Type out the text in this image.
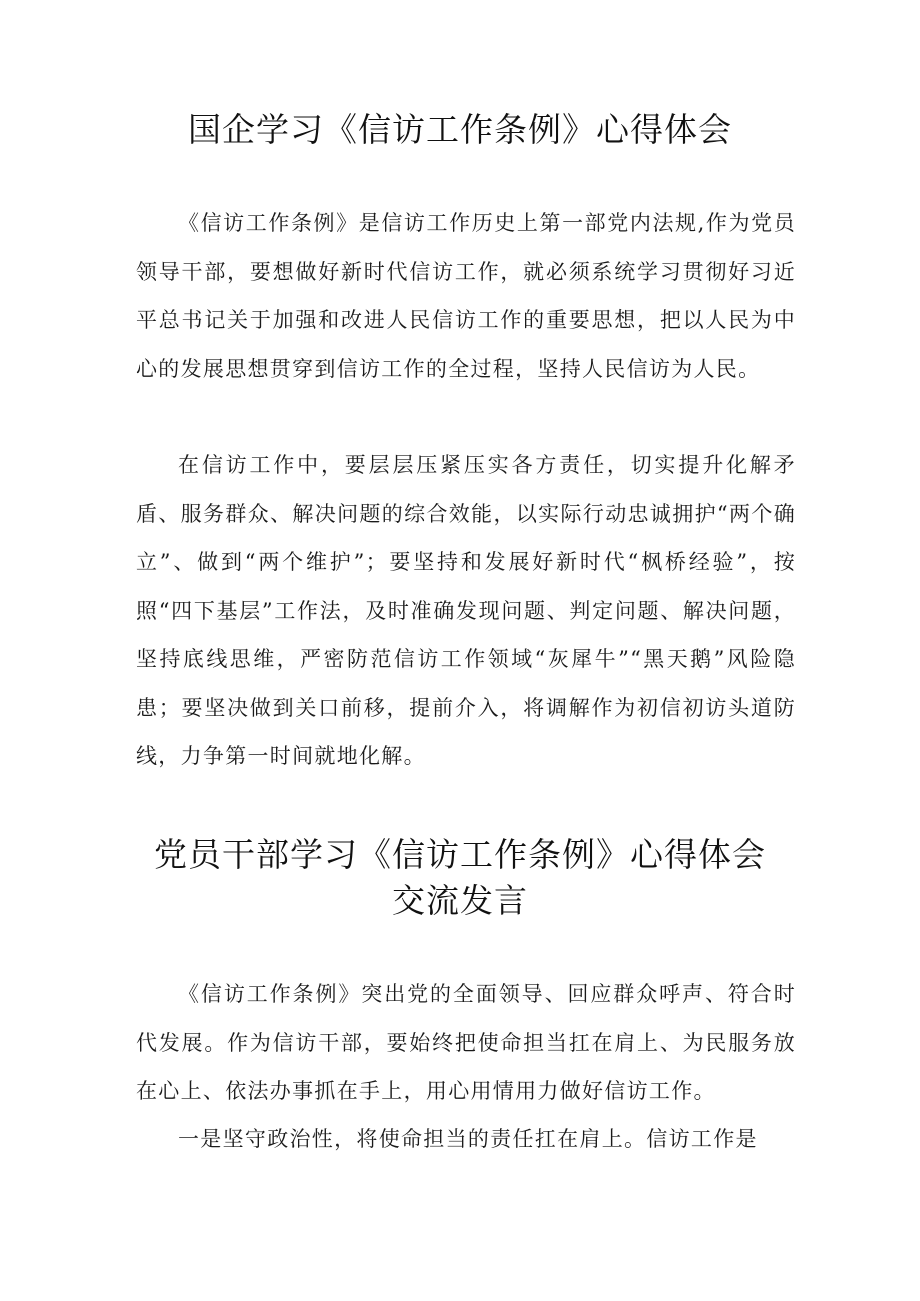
国企学习《信访工作条例》心得体会

《信访工作条例》是信访工作历史上第一部党内法规,作为党员领导干部，要想做好新时代信访工作，就必须系统学习贯彻好习近平总书记关于加强和改进人民信访工作的重要思想，把以人民为中心的发展思想贯穿到信访工作的全过程，坚持人民信访为人民。

在信访工作中，要层层压紧压实各方责任，切实提升化解矛盾、服务群众、解决问题的综合效能，以实际行动忠诚拥护“两个确立”、做到“两个维护”；要坚持和发展好新时代“枫桥经验”，按照“四下基层”工作法，及时准确发现问题、判定问题、解决问题，坚持底线思维，严密防范信访工作领域“灰犀牛”“黑天鹅”风险隐患；要坚决做到关口前移，提前介入，将调解作为初信初访头道防线，力争第一时间就地化解。

党员干部学习《信访工作条例》心得体会
交流发言

《信访工作条例》突出党的全面领导、回应群众呼声、符合时代发展。作为信访干部，要始终把使命担当扛在肩上、为民服务放在心上、依法办事抓在手上，用心用情用力做好信访工作。

一是坚守政治性，将使命担当的责任扛在肩上。信访工作是
